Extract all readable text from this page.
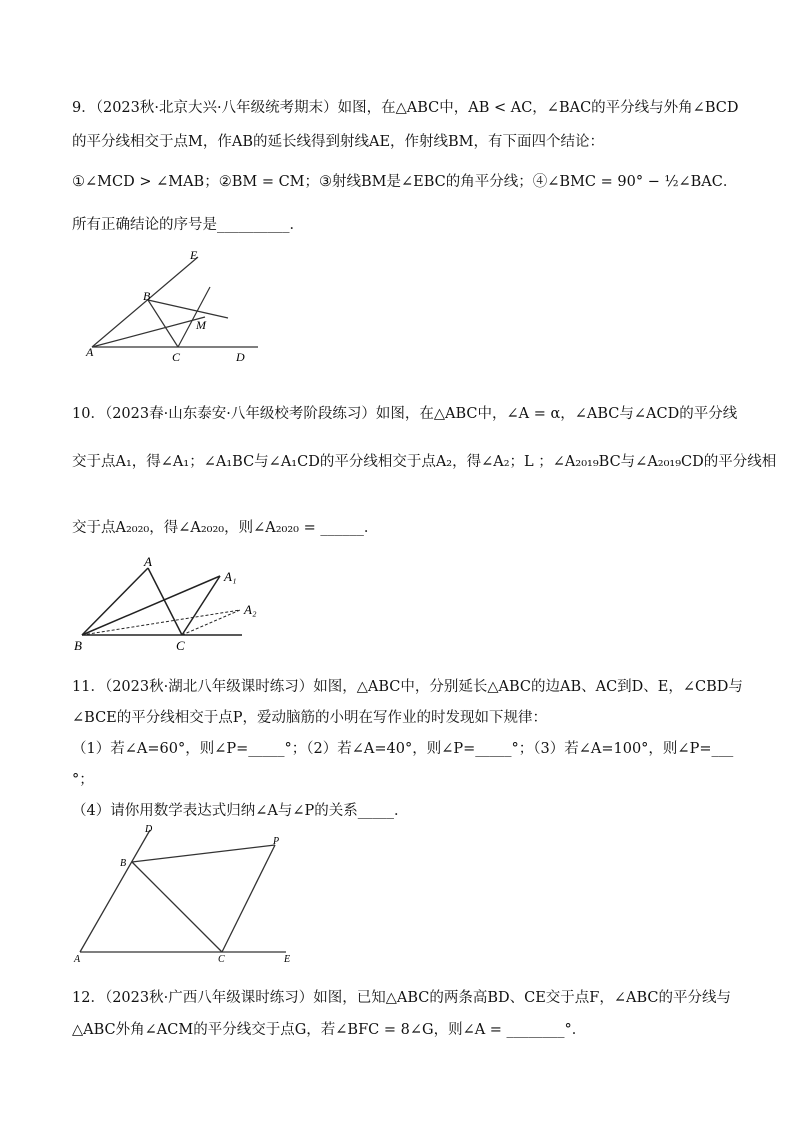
9．（2023秋·北京大兴·八年级统考期末）如图，在△ABC中，AB < AC，∠BAC的平分线与外角∠BCD
的平分线相交于点M，作AB的延长线得到射线AE，作射线BM，有下面四个结论：
①∠MCD > ∠MAB；②BM = CM；③射线BM是∠EBC的角平分线；④∠BMC = 90° − ½∠BAC．
所有正确结论的序号是__________．
E
B
M
A	C	D
10．（2023春·山东泰安·八年级校考阶段练习）如图，在△ABC中，∠A = α，∠ABC与∠ACD的平分线
交于点A₁，得∠A₁；∠A₁BC与∠A₁CD的平分线相交于点A₂，得∠A₂；L ；∠A₂₀₁₉BC与∠A₂₀₁₉CD的平分线相
交于点A₂₀₂₀，得∠A₂₀₂₀，则∠A₂₀₂₀ = ______．
A
A₁
A₂
B	C
11．（2023秋·湖北八年级课时练习）如图，△ABC中，分别延长△ABC的边AB、AC到D、E，∠CBD与
∠BCE的平分线相交于点P，爱动脑筋的小明在写作业的时发现如下规律：
（1）若∠A=60°，则∠P=_____°；（2）若∠A=40°，则∠P=_____°；（3）若∠A=100°，则∠P=___
°；
（4）请你用数学表达式归纳∠A与∠P的关系_____．
D
P
B
A	C	E
12．（2023秋·广西八年级课时练习）如图，已知△ABC的两条高BD、CE交于点F，∠ABC的平分线与
△ABC外角∠ACM的平分线交于点G，若∠BFC = 8∠G，则∠A = ________°．
